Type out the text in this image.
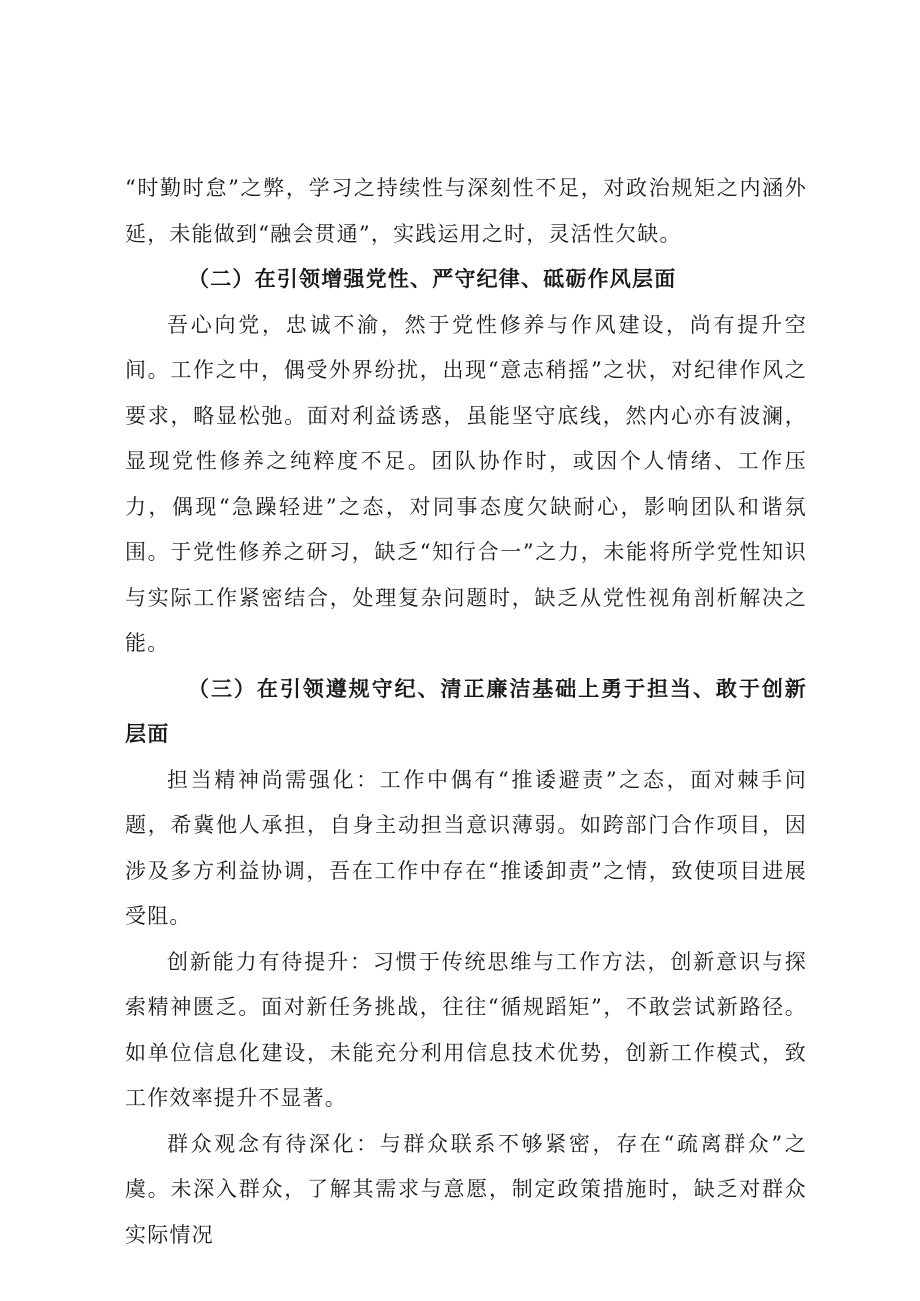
“时勤时怠”之弊，学习之持续性与深刻性不足，对政治规矩之内涵外延，未能做到“融会贯通”，实践运用之时，灵活性欠缺。

（二）在引领增强党性、严守纪律、砥砺作风层面

吾心向党，忠诚不渝，然于党性修养与作风建设，尚有提升空间。工作之中，偶受外界纷扰，出现“意志稍摇”之状，对纪律作风之要求，略显松弛。面对利益诱惑，虽能坚守底线，然内心亦有波澜，显现党性修养之纯粹度不足。团队协作时，或因个人情绪、工作压力，偶现“急躁轻进”之态，对同事态度欠缺耐心，影响团队和谐氛围。于党性修养之研习，缺乏“知行合一”之力，未能将所学党性知识与实际工作紧密结合，处理复杂问题时，缺乏从党性视角剖析解决之能。

（三）在引领遵规守纪、清正廉洁基础上勇于担当、敢于创新层面

担当精神尚需强化：工作中偶有“推诿避责”之态，面对棘手问题，希冀他人承担，自身主动担当意识薄弱。如跨部门合作项目，因涉及多方利益协调，吾在工作中存在“推诿卸责”之情，致使项目进展受阻。

创新能力有待提升：习惯于传统思维与工作方法，创新意识与探索精神匮乏。面对新任务挑战，往往“循规蹈矩”，不敢尝试新路径。如单位信息化建设，未能充分利用信息技术优势，创新工作模式，致工作效率提升不显著。

群众观念有待深化：与群众联系不够紧密，存在“疏离群众”之虞。未深入群众，了解其需求与意愿，制定政策措施时，缺乏对群众实际情况
